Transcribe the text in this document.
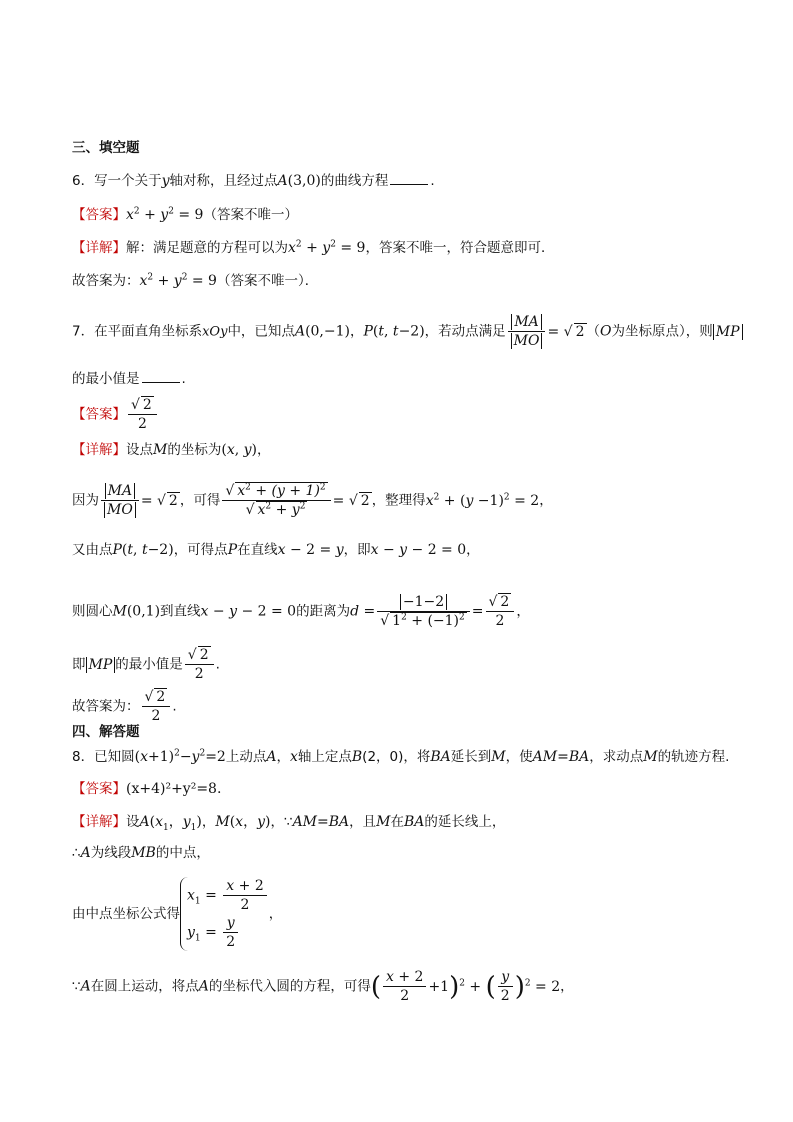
三、填空题
6．写一个关于y轴对称，且经过点A(3,0)的曲线方程	.
【答案】$x^2 + y^2 = 9$（答案不唯一）
【详解】解：满足题意的方程可以为$x^2 + y^2 = 9$，答案不唯一，符合题意即可．
故答案为：$x^2 + y^2 = 9$（答案不唯一）．
7．在平面直角坐标系xOy中，已知点A(0,−1)，P(t, t−2)，若动点满足 $\frac{MA}{MO}$ = √ 2 （O为坐标原点），则 MP
的最小值是	.
【答案】 $\frac{√ 2}{2}$
【详解】设点M的坐标为(x, y)，
因为 $\frac{MA}{MO}$ = √ 2 ，可得 $\frac{√ x^2 + (y + 1)^2}{√ x^2 + y^2}$ = √ 2 ，整理得$x^2 + (y -1)^2 = 2$，
又由点P(t, t−2)，可得点P在直线x − 2 = y，即x − y − 2 = 0，
则圆心M(0,1)到直线x − y − 2 = 0的距离为$d = \frac{-1-2}{√ 1^2 + (-1)^2} = \frac{√ 2}{2}$ ，
即 MP 的最小值是 $\frac{√ 2}{2}$ .
故答案为： $\frac{√ 2}{2}$ .
四、解答题
8．已知圆$(x+1)^2-y^2=2$上动点A，x轴上定点B(2，0)，将BA延长到M，使AM=BA，求动点M的轨迹方程.
【答案】(x+4)²+y²=8.
【详解】设$A(x_1$，$y_1$)，M(x，y)，∵AM=BA，且M在BA的延长线上，
∴A为线段MB的中点，
由中点坐标公式得
$x_1 = \frac{x + 2}{2}$
$y_1 = \frac{y}{2}$ ，
∵A在圆上运动，将点A的坐标代入圆的方程，可得( $\frac{x + 2}{2} +1)^2$ + ( $\frac{y}{2} )^2 = 2$，
